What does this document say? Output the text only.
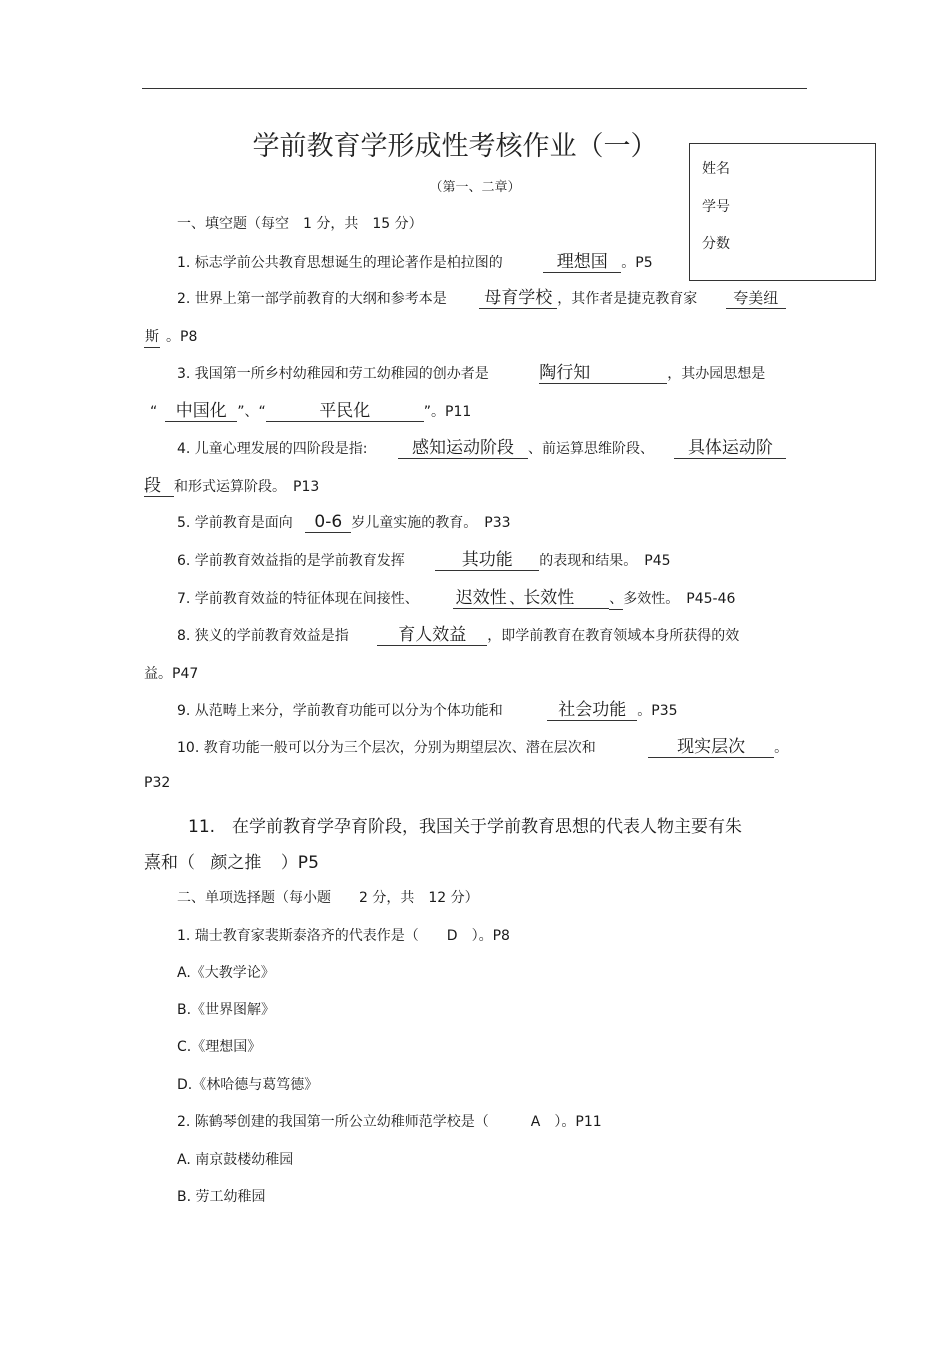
学前教育学形成性考核作业（一）
（第一、二章）
姓名
学号
分数
一、填空题（每空　1 分，共　15 分）
1. 标志学前公共教育思想诞生的理论著作是柏拉图的	理想国 。P5
2. 世界上第一部学前教育的大纲和参考本是 母育学校 ，其作者是捷克教育家 夸美纽
斯 。P8
3. 我国第一所乡村幼稚园和劳工幼稚园的创办者是	陶行知	，其办园思想是
“ 中国化 ”、“	平民化	”。P11
4. 儿童心理发展的四阶段是指:	感知运动阶段 、前运算思维阶段、 具体运动阶
段 和形式运算阶段。　P13
5. 学前教育是面向 0-6 岁儿童实施的教育。　P33
6. 学前教育效益指的是学前教育发挥	其功能 的表现和结果。　P45
7. 学前教育效益的特征体现在间接性、 迟效性 、长效性	、多效性。　P45-46
8. 狭义的学前教育效益是指	育人效益 ，即学前教育在教育领域本身所获得的效
益。P47
9. 从范畴上来分，学前教育功能可以分为个体功能和	社会功能 。P35
10. 教育功能一般可以分为三个层次，分别为期望层次、潜在层次和	现实层次 。
P32
11.　在学前教育学孕育阶段，我国关于学前教育思想的代表人物主要有朱
熹和（ 颜之推 ）P5
二、单项选择题（每小题　　2 分，共　12 分）
1. 瑞士教育家裴斯泰洛齐的代表作是（　　D　）。P8
A.《大教学论》
B.《世界图解》
C.《理想国》
D.《林哈德与葛笃德》
2. 陈鹤琴创建的我国第一所公立幼稚师范学校是（　　　A　）。P11
A. 南京鼓楼幼稚园
B. 劳工幼稚园
